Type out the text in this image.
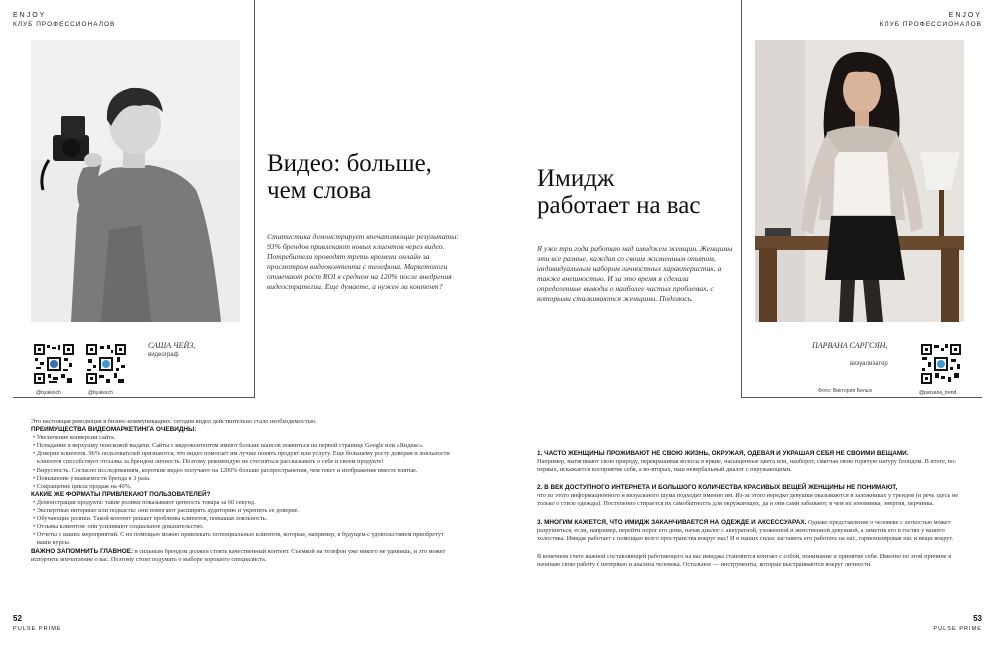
ENJOY
КЛУБ ПРОФЕССИОНАЛОВ
Видео: больше,
чем слова
Статистика демонстрирует впечатляющие результаты: 93% брендов привлекают новых клиентов через видео. Потребители проводят треть времени онлайн за просмотром видеоконтента с телефона. Маркетологи отмечают рост ROI в среднем на 120% после внедрения видеостратегии. Еще думаете, а нужен ли контент?
САША ЧЕЙЗ,
видеограф
@byalexch	@byalexch
Это настоящая революция в бизнес-коммуникациях: сегодня видео действительно стало необходимостью.
ПРЕИМУЩЕСТВА ВИДЕОМАРКЕТИНГА ОЧЕВИДНЫ:
• Увеличение конверсии сайта.
• Попадание в верхушку поисковой выдачи. Сайты с видеоконтентом имеют больше шансов появиться на первой странице Google или «Яндекс».
• Доверие клиентов. 96% пользователей признаются, что видео помогает им лучше понять продукт или услугу. Еще большему росту доверия и лояльности клиентов способствует отсылка за брендом личность. Поэтому рекомендую не стесняться рассказывать о себе и своем продукте!
• Вирусность. Согласно исследованиям, короткие видео получают на 1200% больше распространения, чем текст и изображение вместе взятые.
• Повышение узнаваемости бренда в 3 раза.
• Сокращение цикла продаж на 40%.
КАКИЕ ЖЕ ФОРМАТЫ ПРИВЛЕКАЮТ ПОЛЬЗОВАТЕЛЕЙ?
• Демонстрация продукта: такие ролики показывают ценность товара за 60 секунд.
• Экспертные интервью или подкасты: они помогают расширять аудиторию и укрепить ее доверие.
• Обучающие ролики. Такой контент решает проблемы клиентов, повышая лояльность.
• Отзывы клиентов: они усиливают социальное доказательство.
• Отчеты с ваших мероприятий. С их помощью можно привлекать потенциальных клиентов, которые, например, в будущем с удовольствием приобретут ваши курсы.
ВАЖНО ЗАПОМНИТЬ ГЛАВНОЕ: в сильным брендом должен стоять качественный контент. Съемкой на телефон уже никого не удивишь, и это может испортить впечатление о вас. Поэтому стоит подумать о выборе хорошего специалиста.
52
PULSE PRIME
ENJOY
КЛУБ ПРОФЕССИОНАЛОВ
Имидж
работает на вас
Я уже три года работаю над имиджем женщин. Женщины эти все разные, каждая со своим жизненным опытом, индивидуальным набором личностных характеристик, а также внешностью. И за это время я сделала определенные выводы о наиболее частых проблемах, с которыми сталкиваются женщины. Поделюсь.
ПАРВАНА САРГСЯН,
визуализатор
Фото: Виктория Белых	@parvana_trend
1. ЧАСТО ЖЕНЩИНЫ ПРОЖИВАЮТ НЕ СВОЮ ЖИЗНЬ, ОКРУЖАЯ, ОДЕВАЯ И УКРАШАЯ СЕБЯ НЕ СВОИМИ ВЕЩАМИ.
Например, вытягивают свою природу, перекрашивая волосы в яркие, насыщенные цвета или, наоборот, смягчая свою горячую натуру блондом. В итоге, во-первых, искажается восприятие себя, а во-вторых, наш невербальный диалог с окружающими.
2. В ВЕК ДОСТУПНОГО ИНТЕРНЕТА И БОЛЬШОГО КОЛИЧЕСТВА КРАСИВЫХ ВЕЩЕЙ ЖЕНЩИНЫ НЕ ПОНИМАЮТ,
что из этого информационного и визуального шума подходит именно им. Из-за этого нередко девушки оказываются в заложниках у трендов (и речь здесь не только о стиле одежды). Постепенно стирается их самобытность для окружающих, да и они сами забывают, в чем их изюминка, энергия, перчинка.
3. МНОГИМ КАЖЕТСЯ, ЧТО ИМИДЖ ЗАКАНЧИВАЕТСЯ НА ОДЕЖДЕ И АКСЕССУАРАХ. Однако представление о человеке с легкостью может разрушиться, если, например, перейти порог его дома, начав диалог с аккуратной, ухоженной и женственной девушкой, а заметив его в гостях у вашего холостяка. Имидж работает с помощью всего пространства вокруг нас! И в наших силах заставить его работать на нас, гармонизировав нас и вещи вокруг.
В конечном счете важной составляющей работающего на вас имиджа становится контакт с собой, понимание и принятие себя. Именно по этой причине я начинаю свою работу с интервью и анализа человека. Остальное — инструменты, которые выстраиваются вокруг личности.
53
PULSE PRIME
